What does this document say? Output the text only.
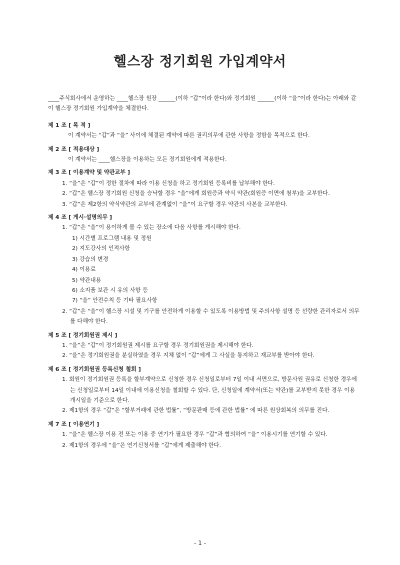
헬스장 정기회원 가입계약서

____주식회사에서 운영하는 ____헬스장 원장 ______(이하 “갑”이라 한다)와 정기회원 ______(이하 “을”이라 한다)는 아래와 같이 헬스장 정기회원 가입계약을 체결한다.

제 1 조 [ 목 적 ]

이 계약서는 “갑”과 “을” 사이에 체결된 계약에 따른 권리의무에 관한 사항을 정함을 목적으로 한다.

제 2 조 [ 적용대상 ]

이 계약서는 ____헬스장을 이용하는 모든 정기회원에게 적용한다.

제 3 조 [ 이용계약 및 약관교부 ]

1. “을”은 “갑”이 정한 절차에 따라 이용 신청을 하고 정기회원 등록비를 납부해야 한다.

2. “갑”은 헬스장 정기회원 신청을 승낙할 경우 “을”에게 회원증과 약식 약관(회원증 이면에 첨부)을 교부한다.

3. “갑”은 제2항의 약식약관의 교부에 관계없이 “을”이 요구할 경우 약관의 사본을 교부한다.

제 4 조 [ 게시·설명의무 ]

1. “갑”은 “을”이 용이하게 볼 수 있는 장소에 다음 사항를 게시해야 한다.

1) 시간별 프로그램 내용 및 정원

2) 지도강사의 인적사항

3) 강습의 변경

4) 이용료

5) 약관내용

6) 소지품 보관 시 유의 사항 등

7) “을” 안전수칙 등 기타 필요사항

2. “갑”은 “을”이 헬스장 시설 및 기구를 안전하게 이용할 수 있도록 이용방법 및 주의사항 설명 등 선량한 관리자로서 의무를 다해야 한다.

제 5 조 [ 정기회원권 제시 ]

1. “을”은 “갑”이 정기회원권 제시를 요구할 경우 정기회원권을 제시해야 한다.

2. “을”은 정기회원권을 분실하였을 경우 지체 없이 “갑”에게 그 사실을 통지하고 재교부를 받아야 한다.

제 6 조 [ 정기회원권 등록신청 철회 ]

1. 회원이 정기회원권 등록을 할부계약으로 신청한 경우 신청일로부터 7일 이내 서면으로, 방문사원 권유로 신청한 경우에는 신청일로부터 14일 이내에 이용신청을 철회할 수 있다. 단, 신청일에 계약서(또는 약관)를 교부받지 못한 경우 이용 개시일을 기준으로 한다.

2. 제1항의 경우 “갑”은 “할부거래에 관한 법률”, “방문판매 등에 관한 법률” 에 따른 원상회복의 의무를 진다.

제 7 조 [ 이용연기 ]

1. “을”은 헬스장 이용 전 또는 이용 중 연기가 필요한 경우 “갑”과 협의하여 “을” 이용시기를 연기할 수 있다.

2. 제1항의 경우에 “을”은 연기신청서를 “갑”에게 제출해야 한다.

- 1 -
